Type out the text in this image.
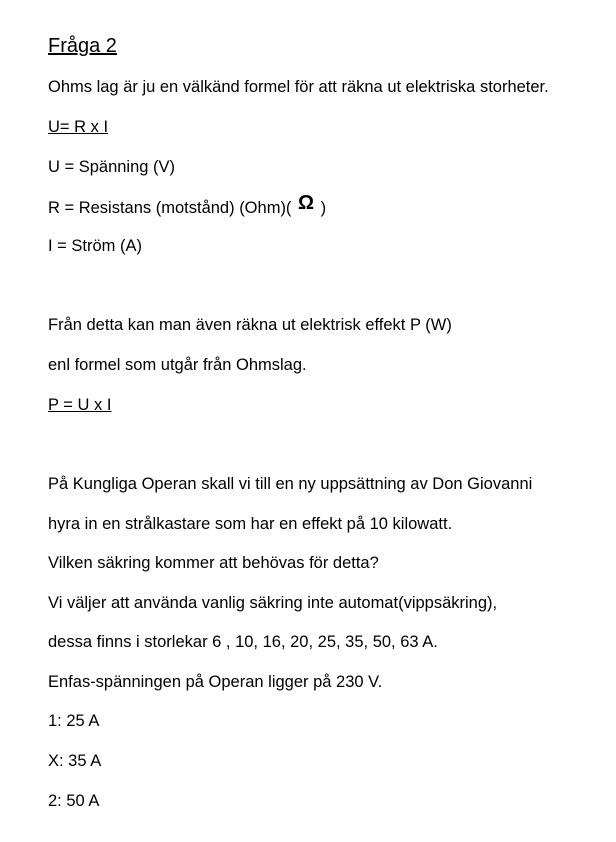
Fråga 2
Ohms lag är ju en välkänd formel för att räkna ut elektriska storheter.
U= R x I
U = Spänning (V)
R = Resistans (motstånd) (Ohm)( Ω )
I = Ström (A)
Från detta kan man även räkna ut elektrisk effekt P (W)
enl formel som utgår från Ohmslag.
P = U x I
På Kungliga Operan skall vi till en ny uppsättning av Don Giovanni
hyra in en strålkastare som har en effekt på 10 kilowatt.
Vilken säkring kommer att behövas för detta?
Vi väljer att använda vanlig säkring inte automat(vippsäkring),
dessa finns i storlekar 6 , 10, 16, 20, 25, 35, 50, 63 A.
Enfas-spänningen på Operan ligger på 230 V.
1: 25 A
X: 35 A
2: 50 A
